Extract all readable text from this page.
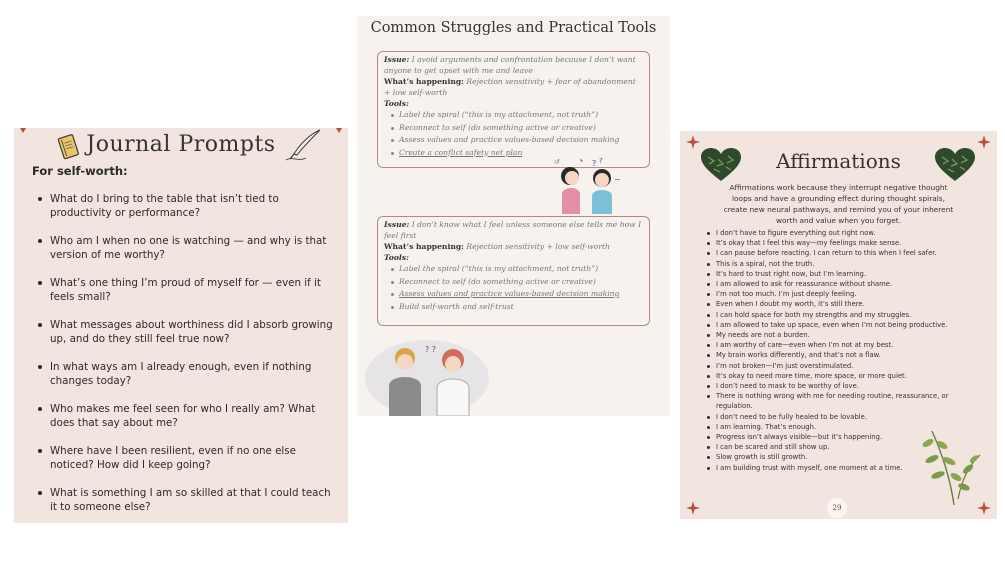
Journal Prompts
For self-worth:
What do I bring to the table that isn’t tied to productivity or performance?
Who am I when no one is watching — and why is that version of me worthy?
What’s one thing I’m proud of myself for — even if it feels small?
What messages about worthiness did I absorb growing up, and do they still feel true now?
In what ways am I already enough, even if nothing changes today?
Who makes me feel seen for who I really am? What does that say about me?
Where have I been resilient, even if no one else noticed? How did I keep going?
What is something I am so skilled at that I could teach it to someone else?
Common Struggles and Practical Tools
Issue: I avoid arguments and confrontation because I don’t want anyone to get upset with me and leave
What’s happening: Rejection sensitivity + fear of abandonment + low self-worth
Tools:
Label the spiral (“this is my attachment, not truth”)
Reconnect to self (do something active or creative)
Assess values and practice values-based decision making
Create a conflict safety net plan
↺	? ?
~
Issue: I don’t know what I feel unless someone else tells me how I feel first
What’s happening: Rejection sensitivity + low self-worth
Tools:
Label the spiral (“this is my attachment, not truth”)
Reconnect to self (do something active or creative)
Assess values and practice values-based decision making
Build self-worth and self-trust
? ?
Affirmations
Affirmations work because they interrupt negative thought loops and have a grounding effect during thought spirals, create new neural pathways, and remind you of your inherent worth and value when you forget.
I don’t have to figure everything out right now.
It’s okay that I feel this way—my feelings make sense.
I can pause before reacting. I can return to this when I feel safer.
This is a spiral, not the truth.
It’s hard to trust right now, but I’m learning.
I am allowed to ask for reassurance without shame.
I’m not too much. I’m just deeply feeling.
Even when I doubt my worth, it’s still there.
I can hold space for both my strengths and my struggles.
I am allowed to take up space, even when I’m not being productive.
My needs are not a burden.
I am worthy of care—even when I’m not at my best.
My brain works differently, and that’s not a flaw.
I’m not broken—I’m just overstimulated.
It’s okay to need more time, more space, or more quiet.
I don’t need to mask to be worthy of love.
There is nothing wrong with me for needing routine, reassurance, or regulation.
I don’t need to be fully healed to be lovable.
I am learning. That’s enough.
Progress isn’t always visible—but it’s happening.
I can be scared and still show up.
Slow growth is still growth.
I am building trust with myself, one moment at a time.
29
